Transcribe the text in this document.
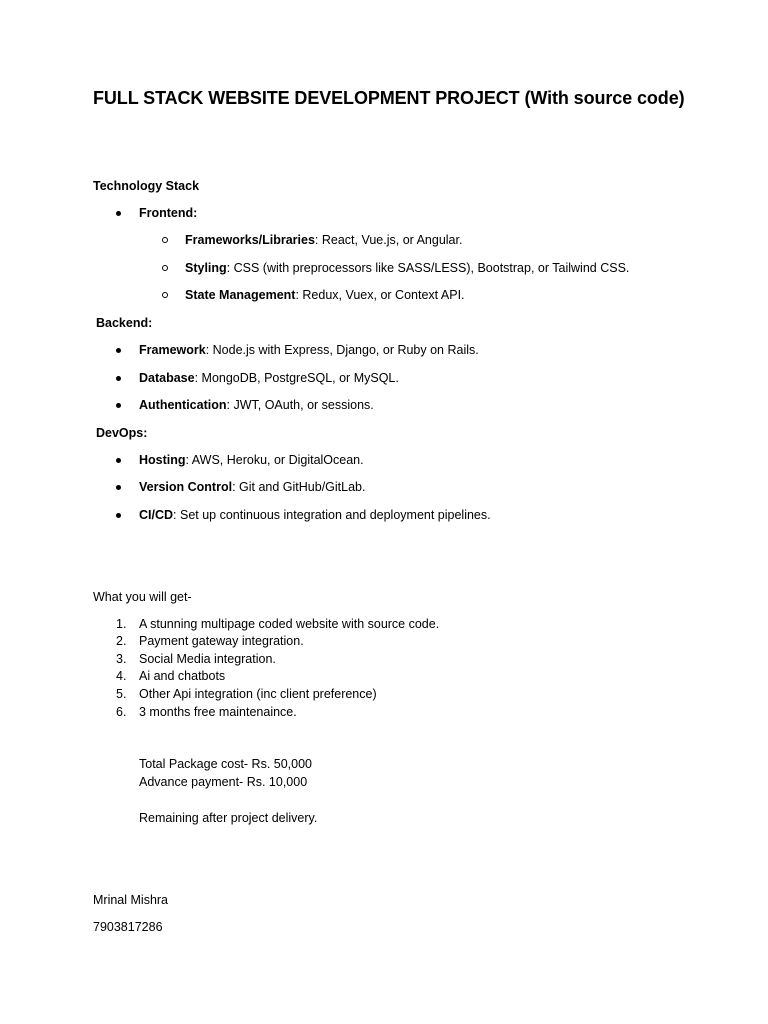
FULL STACK WEBSITE DEVELOPMENT PROJECT (With source code)
Technology Stack
Frontend:
Frameworks/Libraries: React, Vue.js, or Angular.
Styling: CSS (with preprocessors like SASS/LESS), Bootstrap, or Tailwind CSS.
State Management: Redux, Vuex, or Context API.
Backend:
Framework: Node.js with Express, Django, or Ruby on Rails.
Database: MongoDB, PostgreSQL, or MySQL.
Authentication: JWT, OAuth, or sessions.
DevOps:
Hosting: AWS, Heroku, or DigitalOcean.
Version Control: Git and GitHub/GitLab.
CI/CD: Set up continuous integration and deployment pipelines.
What you will get-
1. A stunning multipage coded website with source code.
2. Payment gateway integration.
3. Social Media integration.
4. Ai and chatbots
5. Other Api integration (inc client preference)
6. 3 months free maintenaince.
Total Package cost- Rs. 50,000
Advance payment- Rs. 10,000
Remaining after project delivery.
Mrinal Mishra
7903817286
